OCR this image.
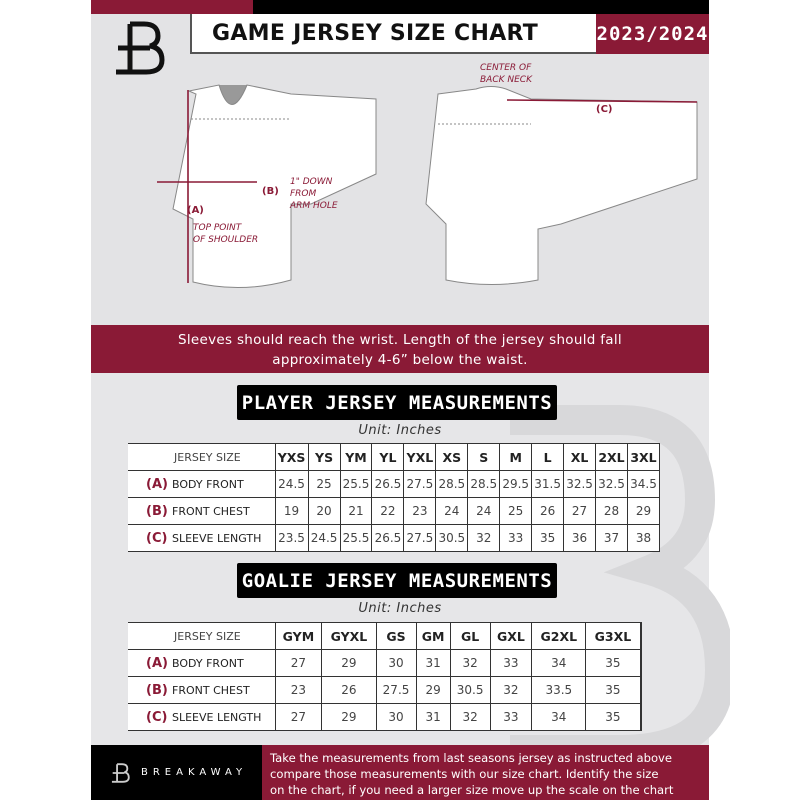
GAME JERSEY SIZE CHART	2023/2024
(A)
(B)
(C)
TOP POINT
OF SHOULDER
1" DOWN
FROM
ARM HOLE
CENTER OF
BACK NECK
Sleeves should reach the wrist. Length of the jersey should fall
approximately 4-6” below the waist.
PLAYER JERSEY MEASUREMENTS
Unit: Inches
JERSEY SIZE	YXS	YS	YM	YL	YXL	XS	S	M	L	XL	2XL	3XL
(A) BODY FRONT	24.5	25	25.5	26.5	27.5	28.5	28.5	29.5	31.5	32.5	32.5	34.5
(B) FRONT CHEST	19	20	21	22	23	24	24	25	26	27	28	29
(C) SLEEVE LENGTH	23.5	24.5	25.5	26.5	27.5	30.5	32	33	35	36	37	38
GOALIE JERSEY MEASUREMENTS
Unit: Inches
JERSEY SIZE	GYM	GYXL	GS	GM	GL	GXL	G2XL	G3XL	
(A) BODY FRONT	27	29	30	31	32	33	34	35	
(B) FRONT CHEST	23	26	27.5	29	30.5	32	33.5	35	
(C) SLEEVE LENGTH	27	29	30	31	32	33	34	35	
BREAKAWAY
Take the measurements from last seasons jersey as instructed above
compare those measurements with our size chart. Identify the size
on the chart, if you need a larger size move up the scale on the chart
